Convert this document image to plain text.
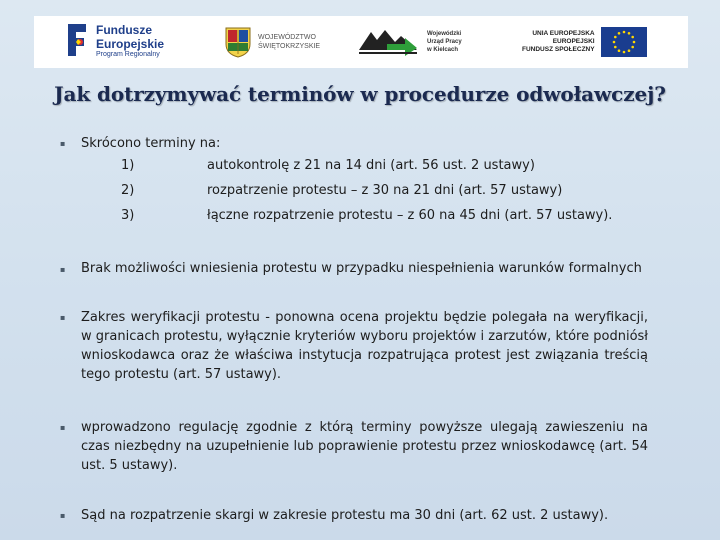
Fundusze
Europejskie
Program Regionalny
WOJEWÓDZTWO
ŚWIĘTOKRZYSKIE
Wojewódzki
Urząd Pracy
w Kielcach
UNIA EUROPEJSKA
EUROPEJSKI
FUNDUSZ SPOŁECZNY
Jak dotrzymywać terminów w procedurze odwoławczej?
▪ Skrócono terminy na:
1)	autokontrolę z 21 na 14 dni (art. 56 ust. 2 ustawy)
2)	rozpatrzenie protestu – z 30 na 21 dni (art. 57 ustawy)
3)	łączne rozpatrzenie protestu – z 60 na 45 dni (art. 57 ustawy).
▪ Brak możliwości wniesienia protestu w przypadku niespełnienia warunków formalnych
▪ Zakres weryfikacji protestu - ponowna ocena projektu będzie polegała na weryfikacji, w granicach protestu, wyłącznie kryteriów wyboru projektów i zarzutów, które podniósł wnioskodawca oraz że właściwa instytucja rozpatrująca protest jest związania treścią tego protestu (art. 57 ustawy).
▪ wprowadzono regulację zgodnie z którą terminy powyższe ulegają zawieszeniu na czas niezbędny na uzupełnienie lub poprawienie protestu przez wnioskodawcę (art. 54 ust. 5 ustawy).
▪ Sąd na rozpatrzenie skargi w zakresie protestu ma 30 dni (art. 62 ust. 2 ustawy).
